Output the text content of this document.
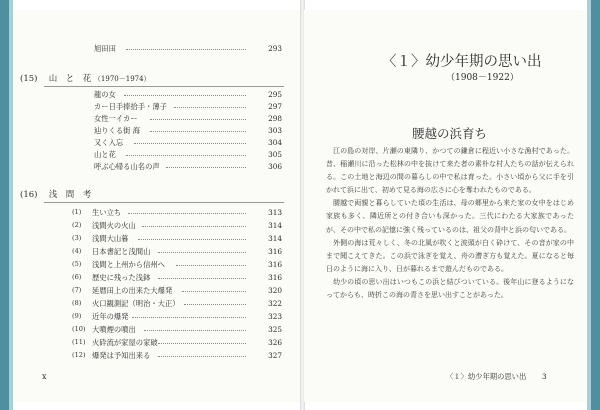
旭田田	293
(15) 山　と　花 （1970－1974）
龍の女	295
カー日手捧拾手・薄子	297
女性一イカー	298
辿りくる街 海	303
又く入忘	304
山と花	305
呼ぶ心帰る山名の声	306
(16) 浅　間　考
(1) 生い立ち	313
(2) 浅間火の火山	314
(3) 浅間大山暮	314
(4) 日本書記と浅間山	316
(5) 浅間と上州から信州へ	316
(6) 歴史に残った浅鉢	316
(7) 延暦田上の出来た大爆発	320
(8) 火口観測記（明治・大正）	322
(9) 近年の爆発	323
(10) 大噴煙の噴出	325
(11) 火砕流が家屋の家破	326
(12) 爆発は予知出来る	327
x
〈１〉幼少年期の思い出
（1908－1922）
腰越の浜育ち

江の島の対岸、片瀬の東隣り、かつての鎌倉に程近い小さな漁村であった。昔、稲瀬川に沿った松林の中を抜けて来た者の素朴な村人たちの話が伝えられる。この土地と海辺の間の暮らしの中で私は育った。小さい頃から父に手を引かれて浜に出て、初めて見る海の広さに心を奪われたものである。

腰越で両親と暮らしていた頃の生活は、母の郷里から来た家の女中をはじめ家族も多く、隣近所との付き合いも深かった。三代にわたる大家族であったが、その中で私の記憶に強く残っているのは、祖父の背中と浜の匂いである。

外側の海は荒々しく、冬の北風が吹くと波頭が白く砕けて、その音が家の中まで聞こえてきた。この浜で泳ぎを覚え、舟の漕ぎ方も覚えた。夏になると毎日のように海に入り、日が暮れるまで遊んだものである。

幼少の頃の思い出はいつもこの浜と結びついている。後年山に登るようになってからも、時折この海の青さを思い出すことがあった。

〈１〉幼少年期の思い出 3
